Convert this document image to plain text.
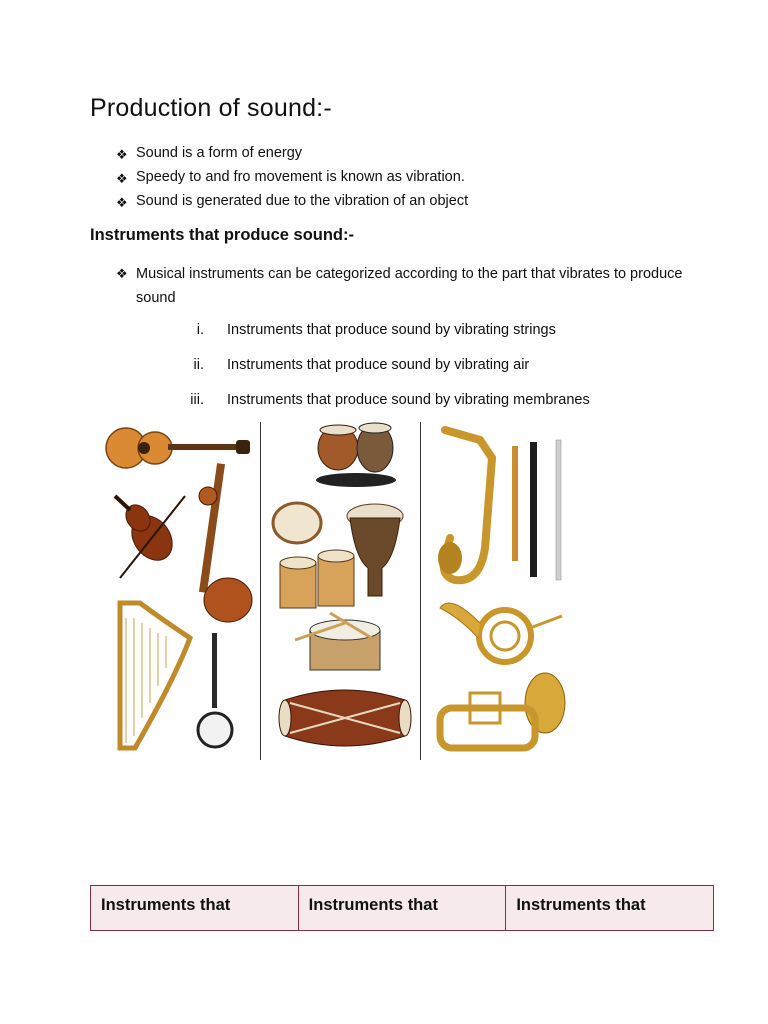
Production of sound:-
❖ Sound is a form of energy
❖ Speedy to and fro movement is known as vibration.
❖ Sound is generated due to the vibration of an object
Instruments that produce sound:-
❖ Musical instruments can be categorized according to the part that vibrates to produce sound
i. Instruments that produce sound by vibrating strings
ii. Instruments that produce sound by vibrating air
iii. Instruments that produce sound by vibrating membranes
Instruments that	Instruments that	Instruments that
